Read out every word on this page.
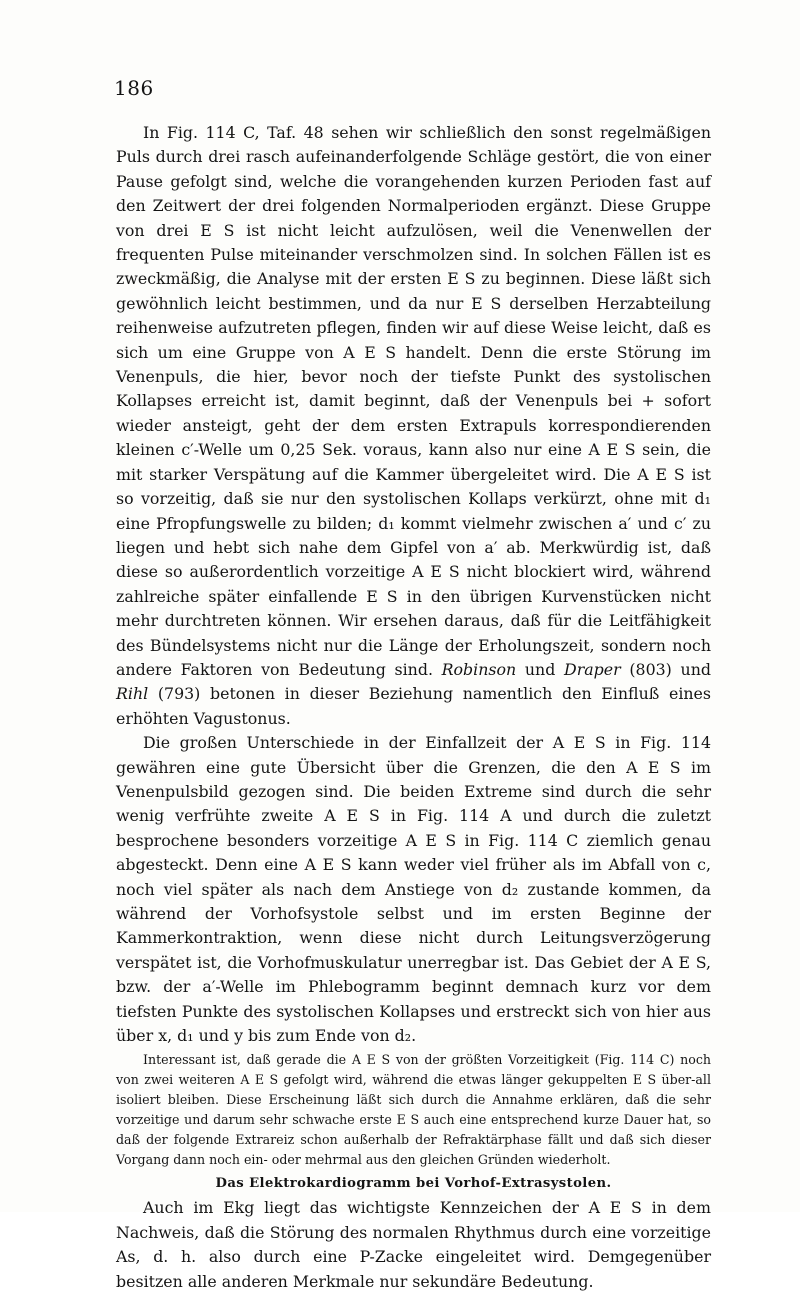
186

In Fig. 114 C, Taf. 48 sehen wir schließlich den sonst regelmäßigen Puls durch drei rasch aufeinanderfolgende Schläge gestört, die von einer Pause gefolgt sind, welche die vorangehenden kurzen Perioden fast auf den Zeitwert der drei folgenden Normalperioden ergänzt. Diese Gruppe von drei E S ist nicht leicht aufzulösen, weil die Venenwellen der frequenten Pulse miteinander verschmolzen sind. In solchen Fällen ist es zweckmäßig, die Analyse mit der ersten E S zu beginnen. Diese läßt sich gewöhnlich leicht bestimmen, und da nur E S derselben Herzabteilung reihenweise aufzutreten pflegen, finden wir auf diese Weise leicht, daß es sich um eine Gruppe von A E S handelt. Denn die erste Störung im Venenpuls, die hier, bevor noch der tiefste Punkt des systolischen Kollapses erreicht ist, damit beginnt, daß der Venenpuls bei + sofort wieder ansteigt, geht der dem ersten Extrapuls korrespondierenden kleinen c′-Welle um 0,25 Sek. voraus, kann also nur eine A E S sein, die mit starker Verspätung auf die Kammer übergeleitet wird. Die A E S ist so vorzeitig, daß sie nur den systolischen Kollaps verkürzt, ohne mit d₁ eine Pfropfungswelle zu bilden; d₁ kommt vielmehr zwischen a′ und c′ zu liegen und hebt sich nahe dem Gipfel von a′ ab. Merkwürdig ist, daß diese so außerordentlich vorzeitige A E S nicht blockiert wird, während zahlreiche später einfallende E S in den übrigen Kurvenstücken nicht mehr durchtreten können. Wir ersehen daraus, daß für die Leitfähigkeit des Bündelsystems nicht nur die Länge der Erholungszeit, sondern noch andere Faktoren von Bedeutung sind. Robinson und Draper (803) und Rihl (793) betonen in dieser Beziehung namentlich den Einfluß eines erhöhten Vagustonus.

Die großen Unterschiede in der Einfallzeit der A E S in Fig. 114 gewähren eine gute Übersicht über die Grenzen, die den A E S im Venenpulsbild gezogen sind. Die beiden Extreme sind durch die sehr wenig verfrühte zweite A E S in Fig. 114 A und durch die zuletzt besprochene besonders vorzeitige A E S in Fig. 114 C ziemlich genau abgesteckt. Denn eine A E S kann weder viel früher als im Abfall von c, noch viel später als nach dem Anstiege von d₂ zustande kommen, da während der Vorhofsystole selbst und im ersten Beginne der Kammerkontraktion, wenn diese nicht durch Leitungsverzögerung verspätet ist, die Vorhofmuskulatur unerregbar ist. Das Gebiet der A E S, bzw. der a′-Welle im Phlebogramm beginnt demnach kurz vor dem tiefsten Punkte des systolischen Kollapses und erstreckt sich von hier aus über x, d₁ und y bis zum Ende von d₂.

Interessant ist, daß gerade die A E S von der größten Vorzeitigkeit (Fig. 114 C) noch von zwei weiteren A E S gefolgt wird, während die etwas länger gekuppelten E S über-all isoliert bleiben. Diese Erscheinung läßt sich durch die Annahme erklären, daß die sehr vorzeitige und darum sehr schwache erste E S auch eine entsprechend kurze Dauer hat, so daß der folgende Extrareiz schon außerhalb der Refraktärphase fällt und daß sich dieser Vorgang dann noch ein- oder mehrmal aus den gleichen Gründen wiederholt.

Das Elektrokardiogramm bei Vorhof-Extrasystolen.

Auch im Ekg liegt das wichtigste Kennzeichen der A E S in dem Nachweis, daß die Störung des normalen Rhythmus durch eine vorzeitige As, d. h. also durch eine P-Zacke eingeleitet wird. Demgegenüber besitzen alle anderen Merkmale nur sekundäre Bedeutung.
